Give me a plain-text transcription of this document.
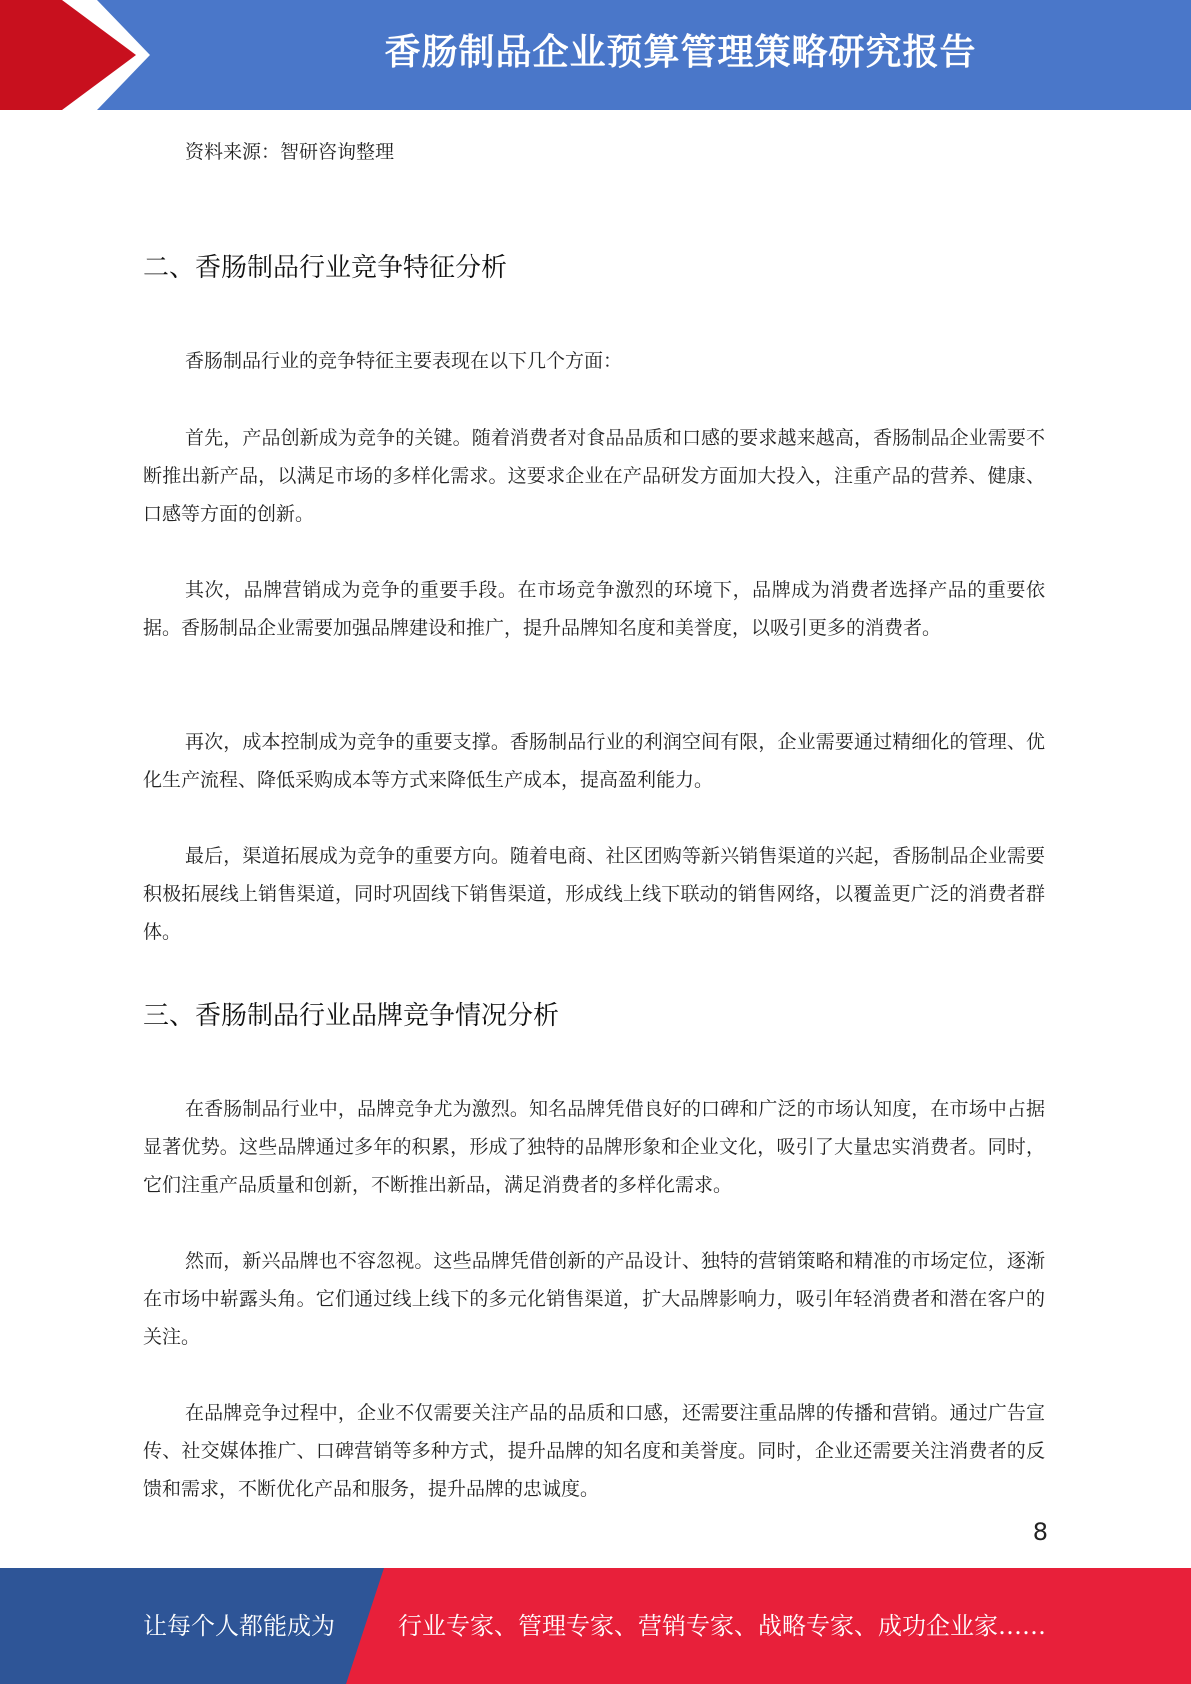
香肠制品企业预算管理策略研究报告
资料来源：智研咨询整理
二、香肠制品行业竞争特征分析

香肠制品行业的竞争特征主要表现在以下几个方面：

首先，产品创新成为竞争的关键。随着消费者对食品品质和口感的要求越来越高，香肠制品企业需要不断推出新产品，以满足市场的多样化需求。这要求企业在产品研发方面加大投入，注重产品的营养、健康、口感等方面的创新。

其次，品牌营销成为竞争的重要手段。在市场竞争激烈的环境下，品牌成为消费者选择产品的重要依据。香肠制品企业需要加强品牌建设和推广，提升品牌知名度和美誉度，以吸引更多的消费者。

再次，成本控制成为竞争的重要支撑。香肠制品行业的利润空间有限，企业需要通过精细化的管理、优化生产流程、降低采购成本等方式来降低生产成本，提高盈利能力。

最后，渠道拓展成为竞争的重要方向。随着电商、社区团购等新兴销售渠道的兴起，香肠制品企业需要积极拓展线上销售渠道，同时巩固线下销售渠道，形成线上线下联动的销售网络，以覆盖更广泛的消费者群体。

三、香肠制品行业品牌竞争情况分析

在香肠制品行业中，品牌竞争尤为激烈。知名品牌凭借良好的口碑和广泛的市场认知度，在市场中占据显著优势。这些品牌通过多年的积累，形成了独特的品牌形象和企业文化，吸引了大量忠实消费者。同时，它们注重产品质量和创新，不断推出新品，满足消费者的多样化需求。

然而，新兴品牌也不容忽视。这些品牌凭借创新的产品设计、独特的营销策略和精准的市场定位，逐渐在市场中崭露头角。它们通过线上线下的多元化销售渠道，扩大品牌影响力，吸引年轻消费者和潜在客户的关注。

在品牌竞争过程中，企业不仅需要关注产品的品质和口感，还需要注重品牌的传播和营销。通过广告宣传、社交媒体推广、口碑营销等多种方式，提升品牌的知名度和美誉度。同时，企业还需要关注消费者的反馈和需求，不断优化产品和服务，提升品牌的忠诚度。

8
让每个人都能成为	行业专家、管理专家、营销专家、战略专家、成功企业家……
